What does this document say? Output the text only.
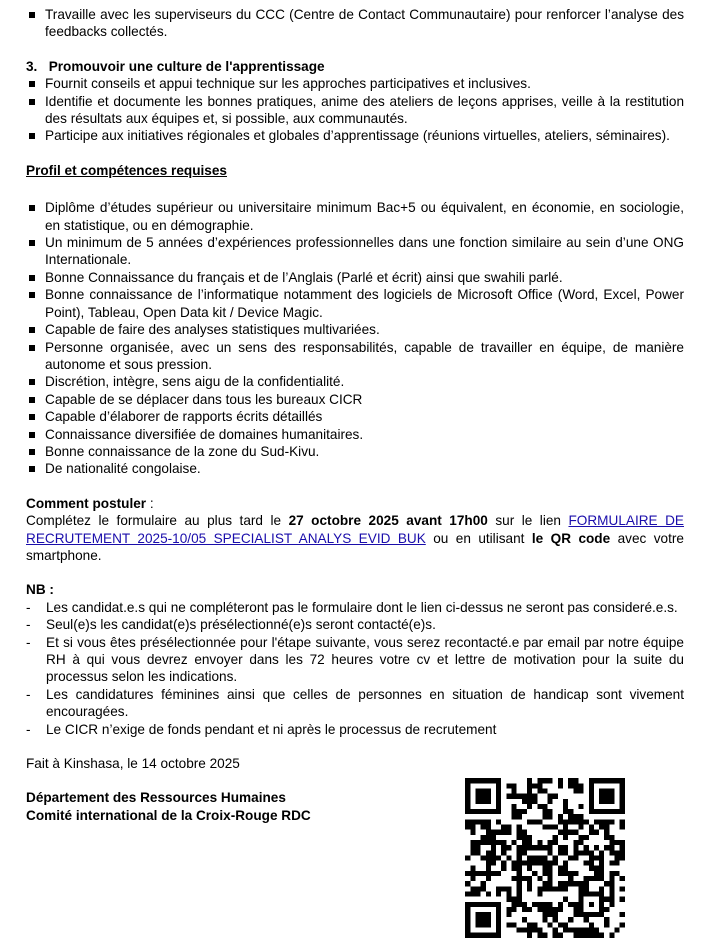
Travaille avec les superviseurs du CCC (Centre de Contact Communautaire) pour renforcer l’analyse des feedbacks collectés.
3. Promouvoir une culture de l'apprentissage
Fournit conseils et appui technique sur les approches participatives et inclusives.
Identifie et documente les bonnes pratiques, anime des ateliers de leçons apprises, veille à la restitution des résultats aux équipes et, si possible, aux communautés.
Participe aux initiatives régionales et globales d’apprentissage (réunions virtuelles, ateliers, séminaires).
Profil et compétences requises
Diplôme d’études supérieur ou universitaire minimum Bac+5 ou équivalent, en économie, en sociologie, en statistique, ou en démographie.
Un minimum de 5 années d’expériences professionnelles dans une fonction similaire au sein d’une ONG Internationale.
Bonne Connaissance du français et de l’Anglais (Parlé et écrit) ainsi que swahili parlé.
Bonne connaissance de l’informatique notamment des logiciels de Microsoft Office (Word, Excel, Power Point), Tableau, Open Data kit / Device Magic.
Capable de faire des analyses statistiques multivariées.
Personne organisée, avec un sens des responsabilités, capable de travailler en équipe, de manière autonome et sous pression.
Discrétion, intègre, sens aigu de la confidentialité.
Capable de se déplacer dans tous les bureaux CICR
Capable d’élaborer de rapports écrits détaillés
Connaissance diversifiée de domaines humanitaires.
Bonne connaissance de la zone du Sud-Kivu.
De nationalité congolaise.
Comment postuler :

Complétez le formulaire au plus tard le 27 octobre 2025 avant 17h00 sur le lien FORMULAIRE DE RECRUTEMENT 2025-10/05 SPECIALIST ANALYS EVID BUK ou en utilisant le QR code avec votre smartphone.

NB :
- Les candidat.e.s qui ne compléteront pas le formulaire dont le lien ci-dessus ne seront pas consideré.e.s.
- Seul(e)s les candidat(e)s présélectionné(e)s seront contacté(e)s.
- Et si vous êtes présélectionnée pour l'étape suivante, vous serez recontacté.e par email par notre équipe RH à qui vous devrez envoyer dans les 72 heures votre cv et lettre de motivation pour la suite du processus selon les indications.
- Les candidatures féminines ainsi que celles de personnes en situation de handicap sont vivement encouragées.
- Le CICR n’exige de fonds pendant et ni après le processus de recrutement
Fait à Kinshasa, le 14 octobre 2025
Département des Ressources Humaines
Comité international de la Croix-Rouge RDC
